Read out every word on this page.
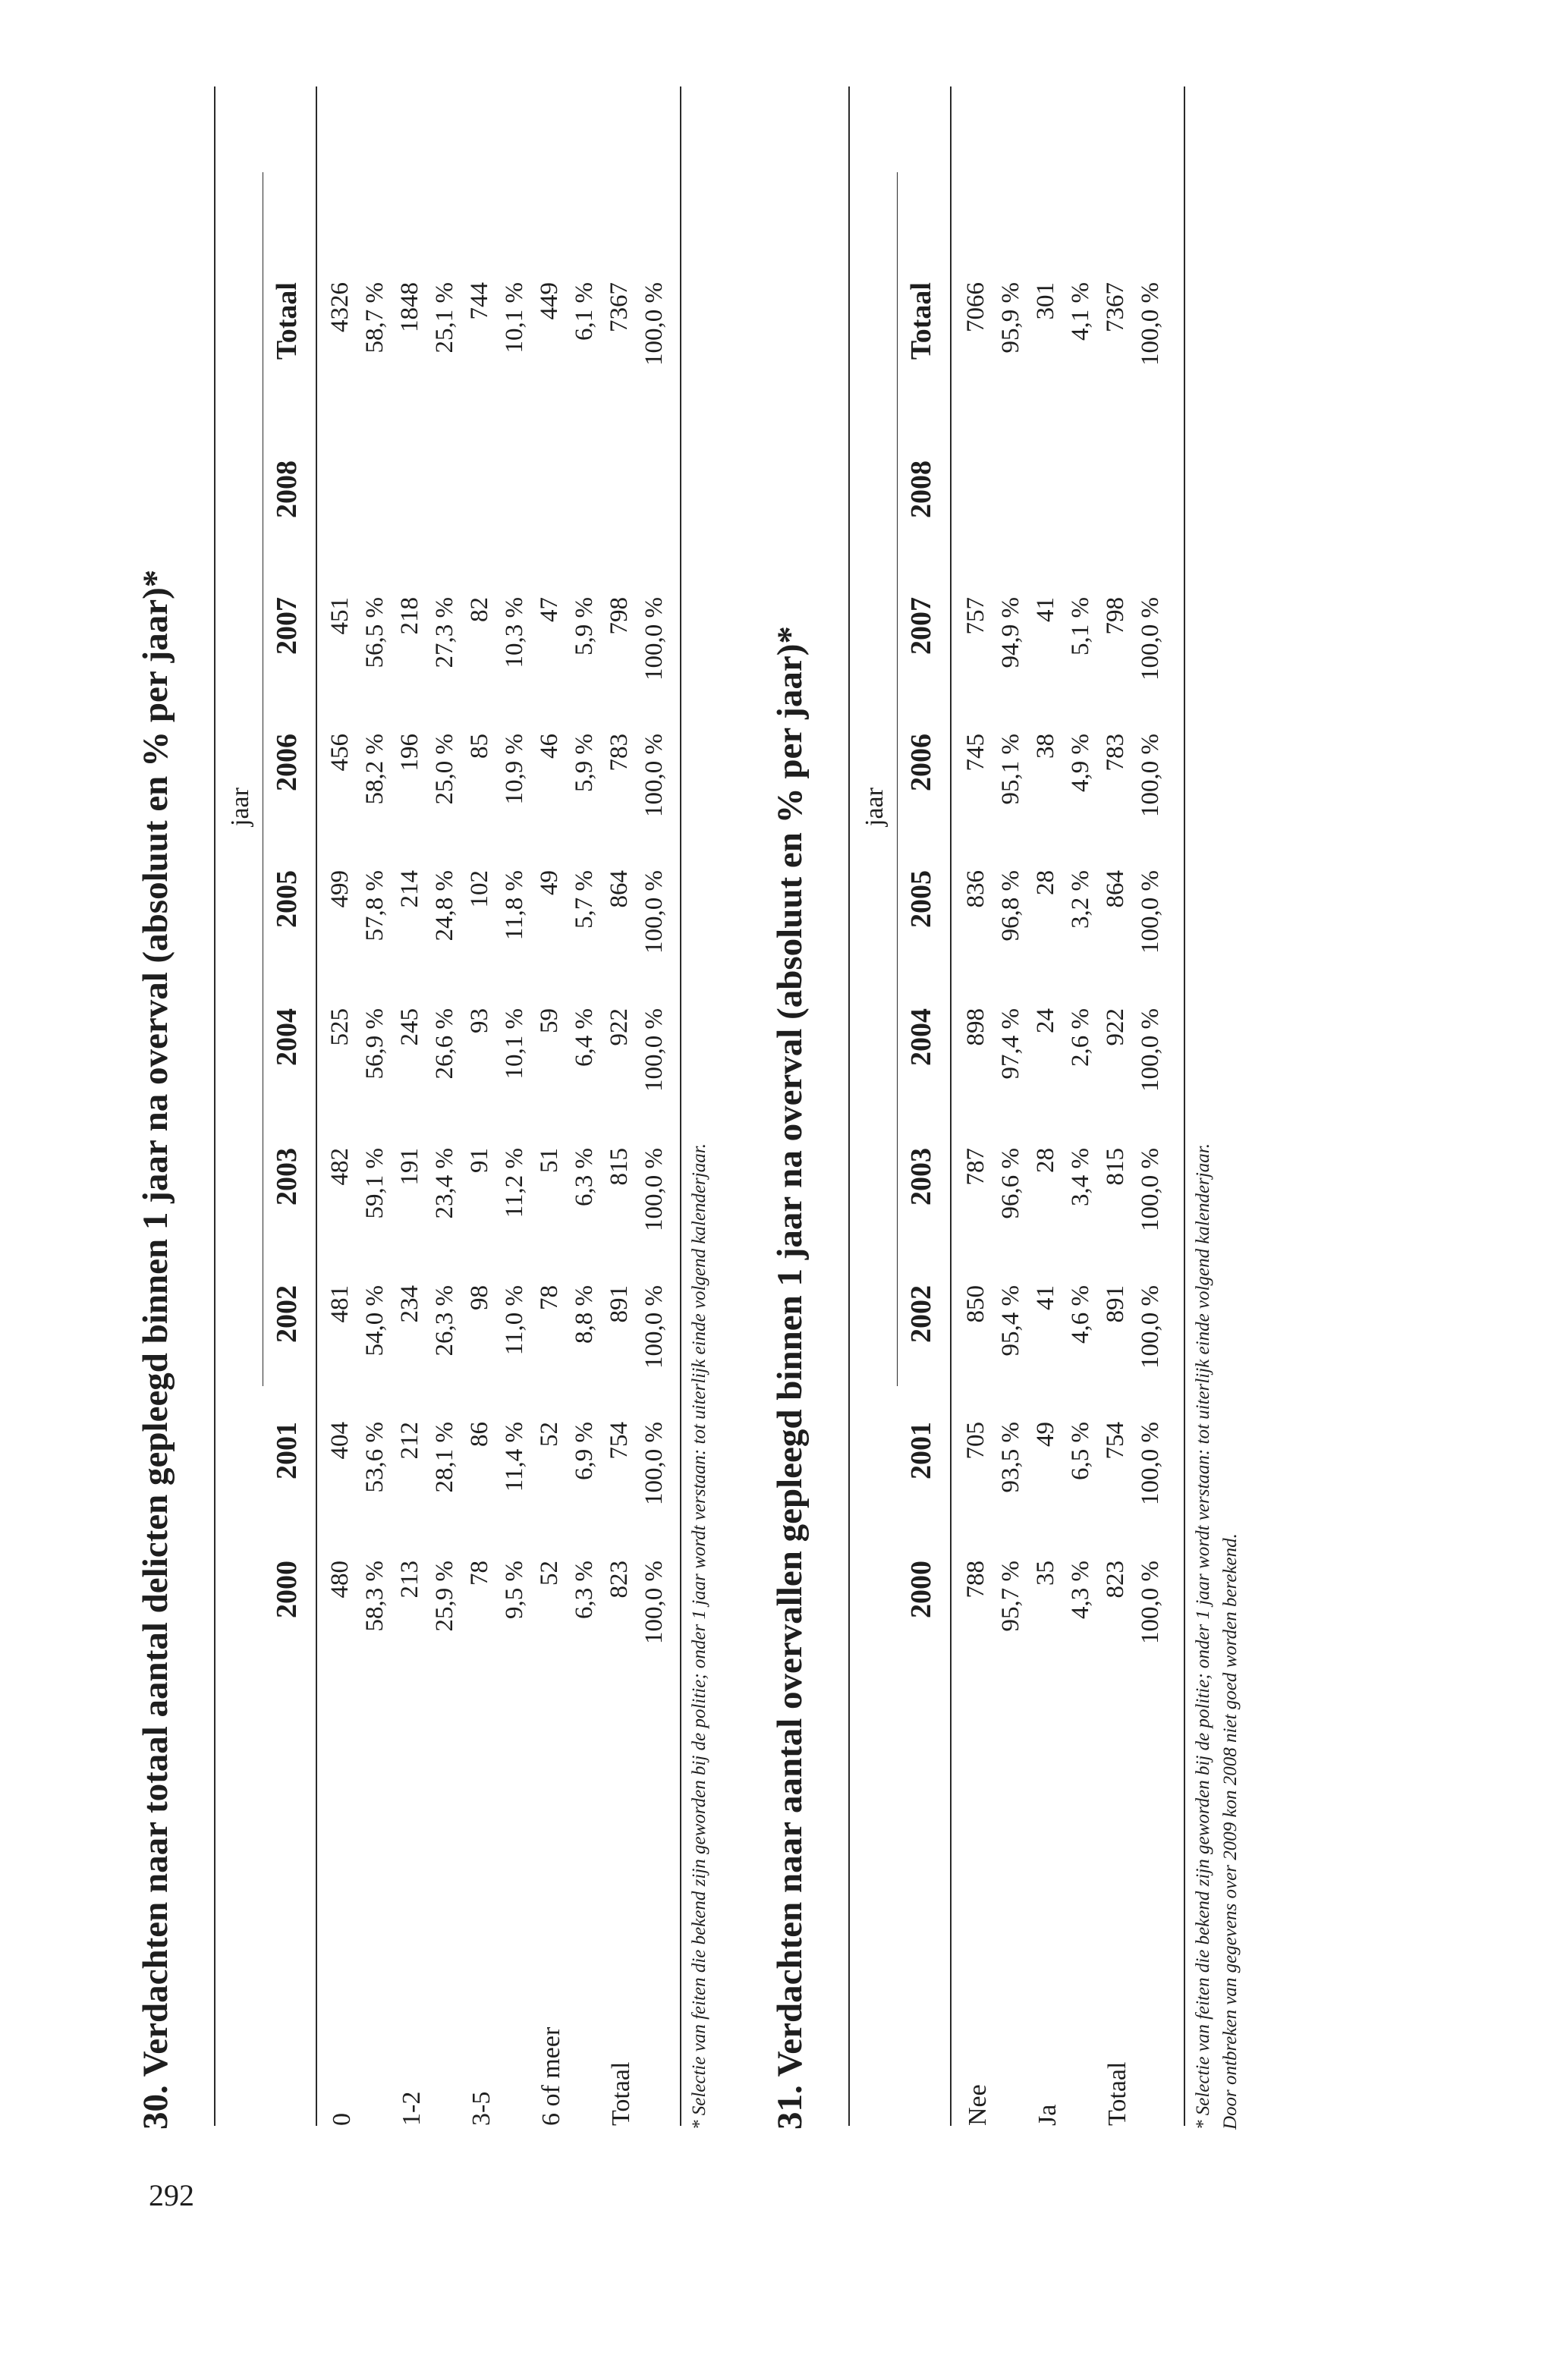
292
30. Verdachten naar totaal aantal delicten gepleegd binnen 1 jaar na overval (absoluut en % per jaar)* jaar
* Selectie van feiten die bekend zijn geworden bij de politie; onder 1 jaar wordt verstaan: tot uiterlijk einde volgend kalenderjaar. 31. Verdachten naar aantal overvallen gepleegd binnen 1 jaar na overval (absoluut en % per jaar)* jaar
* Selectie van feiten die bekend zijn geworden bij de politie; onder 1 jaar wordt verstaan: tot uiterlijk einde volgend kalenderjaar. Door ontbreken van gegevens over 2009 kon 2008 niet goed worden berekend.
2000
2001
2002
2003
2004
2005
2006
2007
2008
Totaal
0
480
404
481
482
525
499
456
451
4326
58,3 %
53,6 %
54,0 %
59,1 %
56,9 %
57,8 %
58,2 %
56,5 %
58,7 %
1-2
213
212
234
191
245
214
196
218
1848
25,9 %
28,1 %
26,3 %
23,4 %
26,6 %
24,8 %
25,0 %
27,3 %
25,1 %
3-5
78
86
98
91
93
102
85
82
744
9,5 %
11,4 %
11,0 %
11,2 %
10,1 %
11,8 %
10,9 %
10,3 %
10,1 %
6 of meer
52
52
78
51
59
49
46
47
449
6,3 %
6,9 %
8,8 %
6,3 %
6,4 %
5,7 %
5,9 %
5,9 %
6,1 %
Totaal
823
754
891
815
922
864
783
798
7367
100,0 %
100,0 %
100,0 %
100,0 %
100,0 %
100,0 %
100,0 %
100,0 %
100,0 %
2000
2001
2002
2003
2004
2005
2006
2007
2008
Totaal
Nee
788
705
850
787
898
836
745
757
7066
95,7 %
93,5 %
95,4 %
96,6 %
97,4 %
96,8 %
95,1 %
94,9 %
95,9 %
Ja
35
49
41
28
24
28
38
41
301
4,3 %
6,5 %
4,6 %
3,4 %
2,6 %
3,2 %
4,9 %
5,1 %
4,1 %
Totaal
823
754
891
815
922
864
783
798
7367
100,0 %
100,0 %
100,0 %
100,0 %
100,0 %
100,0 %
100,0 %
100,0 %
100,0 %
